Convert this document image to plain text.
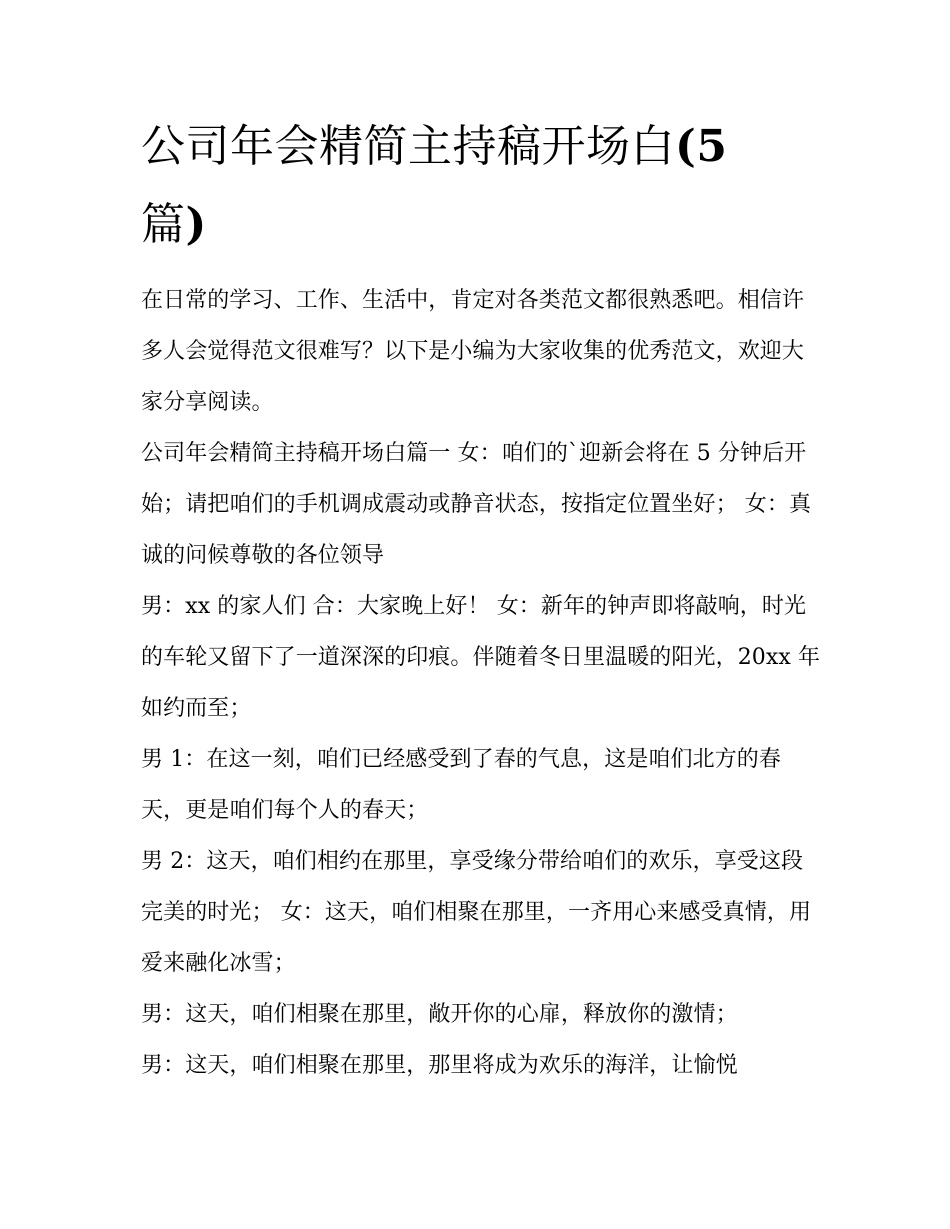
公司年会精简主持稿开场白(5
篇)

在日常的学习、工作、生活中，肯定对各类范文都很熟悉吧。相信许多人会觉得范文很难写？以下是小编为大家收集的优秀范文，欢迎大家分享阅读。

公司年会精简主持稿开场白篇一 女：咱们的`迎新会将在 5 分钟后开始；请把咱们的手机调成震动或静音状态，按指定位置坐好； 女：真诚的问候尊敬的各位领导

男：xx 的家人们 合：大家晚上好！ 女：新年的钟声即将敲响，时光的车轮又留下了一道深深的印痕。伴随着冬日里温暖的阳光，20xx 年如约而至；

男 1：在这一刻，咱们已经感受到了春的气息，这是咱们北方的春天，更是咱们每个人的春天；

男 2：这天，咱们相约在那里，享受缘分带给咱们的欢乐，享受这段完美的时光； 女：这天，咱们相聚在那里，一齐用心来感受真情，用爱来融化冰雪；

男：这天，咱们相聚在那里，敞开你的心扉，释放你的激情；

男：这天，咱们相聚在那里，那里将成为欢乐的海洋，让愉悦
